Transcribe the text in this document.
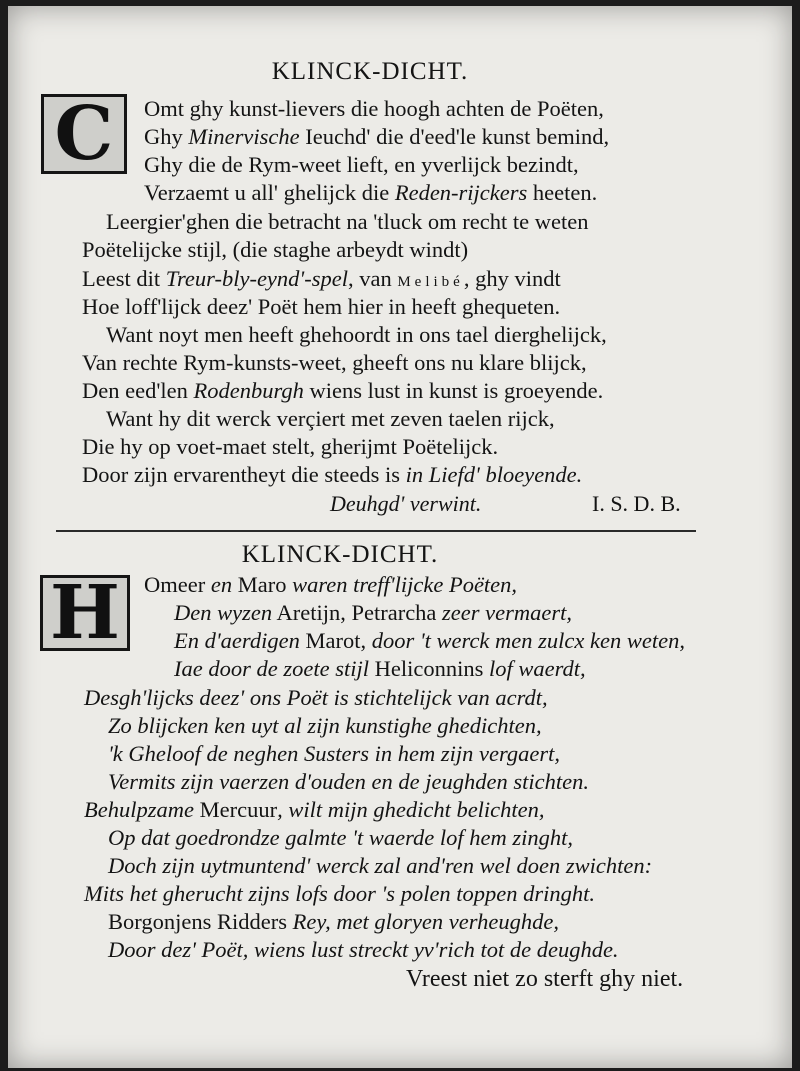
KLINCK-DICHT.
C Omt ghy kunst-lievers die hoogh achten de Poëten,
Ghy Minervische Ieuchd' die d'eed'le kunst bemind,
Ghy die de Rym-weet lieft, en yverlijck bezindt,
Verzaemt u all' ghelijck die Reden-rijckers heeten.
Leergier'ghen die betracht na 'tluck om recht te weten
Poëtelijcke stijl, (die staghe arbeydt windt)
Leest dit Treur-bly-eynd'-spel, van Melibé, ghy vindt
Hoe loff'lijck deez' Poët hem hier in heeft ghequeten.
Want noyt men heeft ghehoordt in ons tael dierghelijck,
Van rechte Rym-kunsts-weet, gheeft ons nu klare blijck,
Den eed'len Rodenburgh wiens lust in kunst is groeyende.
Want hy dit werck verçiert met zeven taelen rijck,
Die hy op voet-maet stelt, gherijmt Poëtelijck.
Door zijn ervarentheyt die steeds is in Liefd' bloeyende.
Deuhgd' verwint.	I. S. D. B.
KLINCK-DICHT.
H Omeer en Maro waren treff'lijcke Poëten,
Den wyzen Aretijn, Petrarcha zeer vermaert,
En d'aerdigen Marot, door 't werck men zulcx ken weten,
Iae door de zoete stijl Heliconnins lof waerdt,
Desgh'lijcks deez' ons Poët is stichtelijck van acrdt,
Zo blijcken ken uyt al zijn kunstighe ghedichten,
'k Gheloof de neghen Susters in hem zijn vergaert,
Vermits zijn vaerzen d'ouden en de jeughden stichten.
Behulpzame Mercuur, wilt mijn ghedicht belichten,
Op dat goedrondze galmte 't waerde lof hem zinght,
Doch zijn uytmuntend' werck zal and'ren wel doen zwichten:
Mits het gherucht zijns lofs door 's polen toppen dringht.
Borgonjens Ridders Rey, met gloryen verheughde,
Door dez' Poët, wiens lust streckt yv'rich tot de deughde.
Vreest niet zo sterft ghy niet.
